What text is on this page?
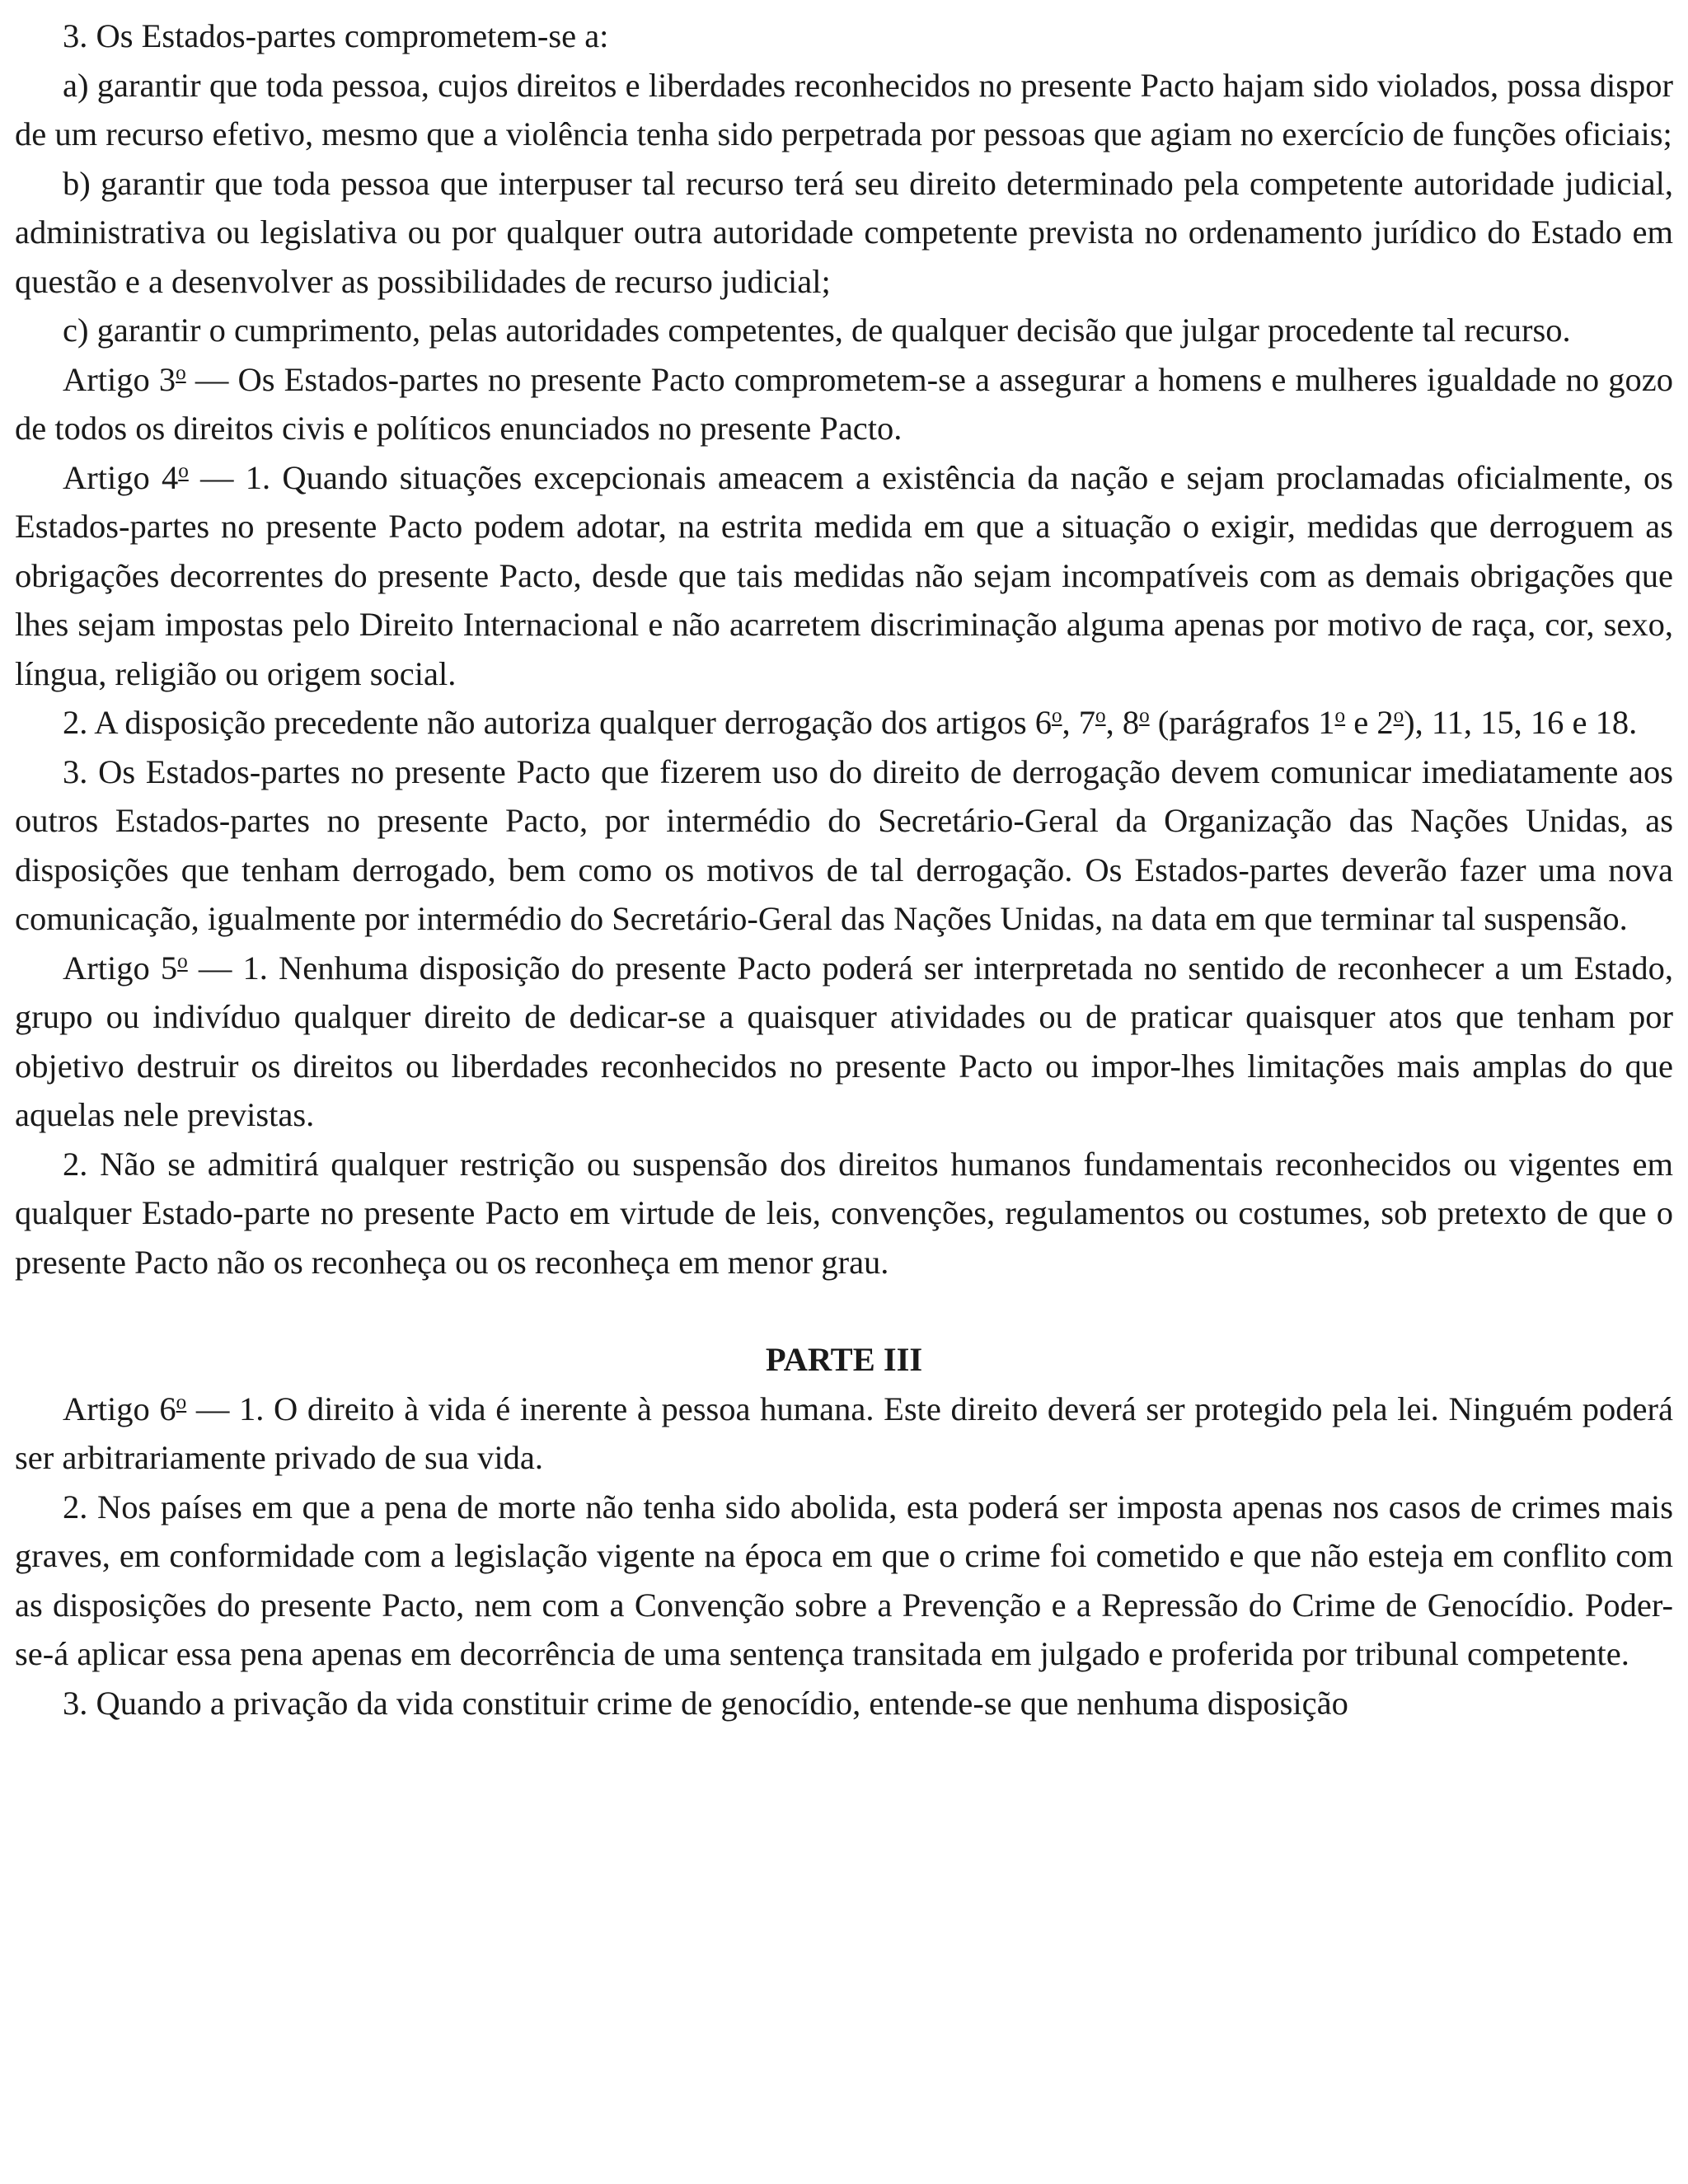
3. Os Estados-partes comprometem-se a:

a) garantir que toda pessoa, cujos direitos e liberdades reconhecidos no presente Pacto hajam sido violados, possa dispor de um recurso efetivo, mesmo que a violência tenha sido perpetrada por pessoas que agiam no exercício de funções oficiais;

b) garantir que toda pessoa que interpuser tal recurso terá seu direito determinado pela competente autoridade judicial, administrativa ou legislativa ou por qualquer outra autoridade competente prevista no ordenamento jurídico do Estado em questão e a desenvolver as possibilidades de recurso judicial;

c) garantir o cumprimento, pelas autoridades competentes, de qualquer decisão que julgar procedente tal recurso.

Artigo 3$^o$ — Os Estados-partes no presente Pacto comprometem-se a assegurar a homens e mulheres igualdade no gozo de todos os direitos civis e políticos enunciados no presente Pacto.

Artigo 4$^o$ — 1. Quando situações excepcionais ameacem a existência da nação e sejam proclamadas oficialmente, os Estados-partes no presente Pacto podem adotar, na estrita medida em que a situação o exigir, medidas que derroguem as obrigações decorrentes do presente Pacto, desde que tais medidas não sejam incompatíveis com as demais obrigações que lhes sejam impostas pelo Direito Internacional e não acarretem discriminação alguma apenas por motivo de raça, cor, sexo, língua, religião ou origem social.

2. A disposição precedente não autoriza qualquer derrogação dos artigos 6$^o$, 7$^o$, 8$^o$ (parágrafos 1$^o$ e 2$^o$), 11, 15, 16 e 18.

3. Os Estados-partes no presente Pacto que fizerem uso do direito de derrogação devem comunicar imediatamente aos outros Estados-partes no presente Pacto, por intermédio do Secretário-Geral da Organização das Nações Unidas, as disposições que tenham derrogado, bem como os motivos de tal derrogação. Os Estados-partes deverão fazer uma nova comunicação, igualmente por intermédio do Secretário-Geral das Nações Unidas, na data em que terminar tal suspensão.

Artigo 5$^o$ — 1. Nenhuma disposição do presente Pacto poderá ser interpretada no sentido de reconhecer a um Estado, grupo ou indivíduo qualquer direito de dedicar-se a quaisquer atividades ou de praticar quaisquer atos que tenham por objetivo destruir os direitos ou liberdades reconhecidos no presente Pacto ou impor-lhes limitações mais amplas do que aquelas nele previstas.

2. Não se admitirá qualquer restrição ou suspensão dos direitos humanos fundamentais reconhecidos ou vigentes em qualquer Estado-parte no presente Pacto em virtude de leis, convenções, regulamentos ou costumes, sob pretexto de que o presente Pacto não os reconheça ou os reconheça em menor grau.

PARTE III

Artigo 6$^o$ — 1. O direito à vida é inerente à pessoa humana. Este direito deverá ser protegido pela lei. Ninguém poderá ser arbitrariamente privado de sua vida.

2. Nos países em que a pena de morte não tenha sido abolida, esta poderá ser imposta apenas nos casos de crimes mais graves, em conformidade com a legislação vigente na época em que o crime foi cometido e que não esteja em conflito com as disposições do presente Pacto, nem com a Convenção sobre a Prevenção e a Repressão do Crime de Genocídio. Poder-se-á aplicar essa pena apenas em decorrência de uma sentença transitada em julgado e proferida por tribunal competente.

3. Quando a privação da vida constituir crime de genocídio, entende-se que nenhuma disposição
